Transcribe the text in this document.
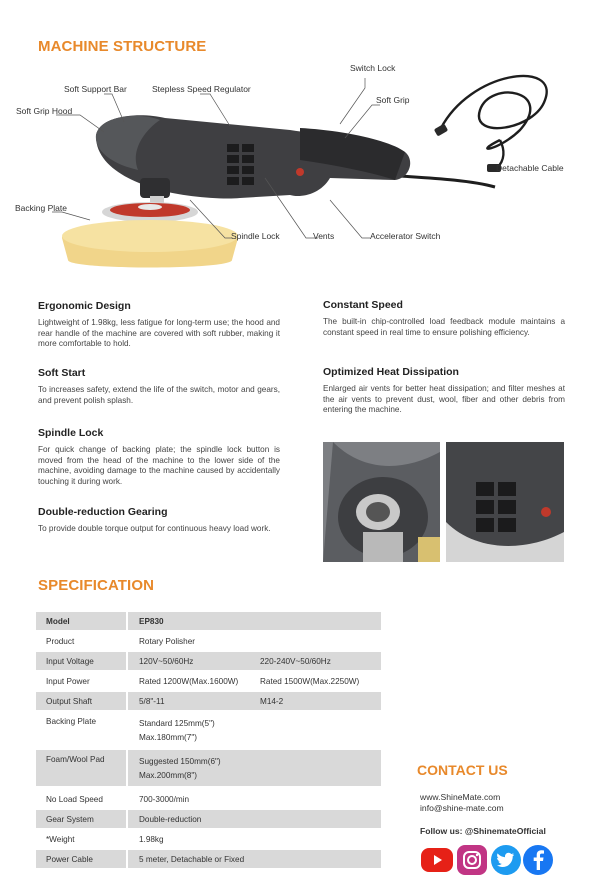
MACHINE STRUCTURE
Soft Support Bar	Stepless Speed Regulator
Soft Grip Hood
Switch Lock
Soft Grip
Detachable Cable
Backing Plate
Spindle Lock	Vents	Accelerator Switch
Ergonomic Design

Lightweight of 1.98kg, less fatigue for long-term use; the hood and rear handle of the machine are covered with soft rubber, making it more comfortable to hold.

Soft Start

To increases safety, extend the life of the switch, motor and gears, and prevent polish splash.

Spindle Lock

For quick change of backing plate; the spindle lock button is moved from the head of the machine to the lower side of the machine, avoiding damage to the machine caused by accidentally touching it during work.

Double-reduction Gearing

To provide double torque output for continuous heavy load work.

Constant Speed

The built-in chip-controlled load feedback module maintains a constant speed in real time to ensure polishing efficiency.

Optimized Heat Dissipation

Enlarged air vents for better heat dissipation; and filter meshes at the air vents to prevent dust, wool, fiber and other debris from entering the machine.

SPECIFICATION
Model	EP830
Product	Rotary Polisher
Input Voltage	120V~50/60Hz	220-240V~50/60Hz
Input Power	Rated 1200W(Max.1600W)	Rated 1500W(Max.2250W)
Output Shaft	5/8"-11	M14-2
Backing Plate	Standard 125mm(5")
Max.180mm(7")
Foam/Wool Pad	Suggested 150mm(6")
Max.200mm(8")
No Load Speed	700-3000/min
Gear System	Double-reduction
*Weight	1.98kg
Power Cable	5 meter, Detachable or Fixed
CONTACT US
www.ShineMate.com
info@shine-mate.com
Follow us: @ShinemateOfficial
